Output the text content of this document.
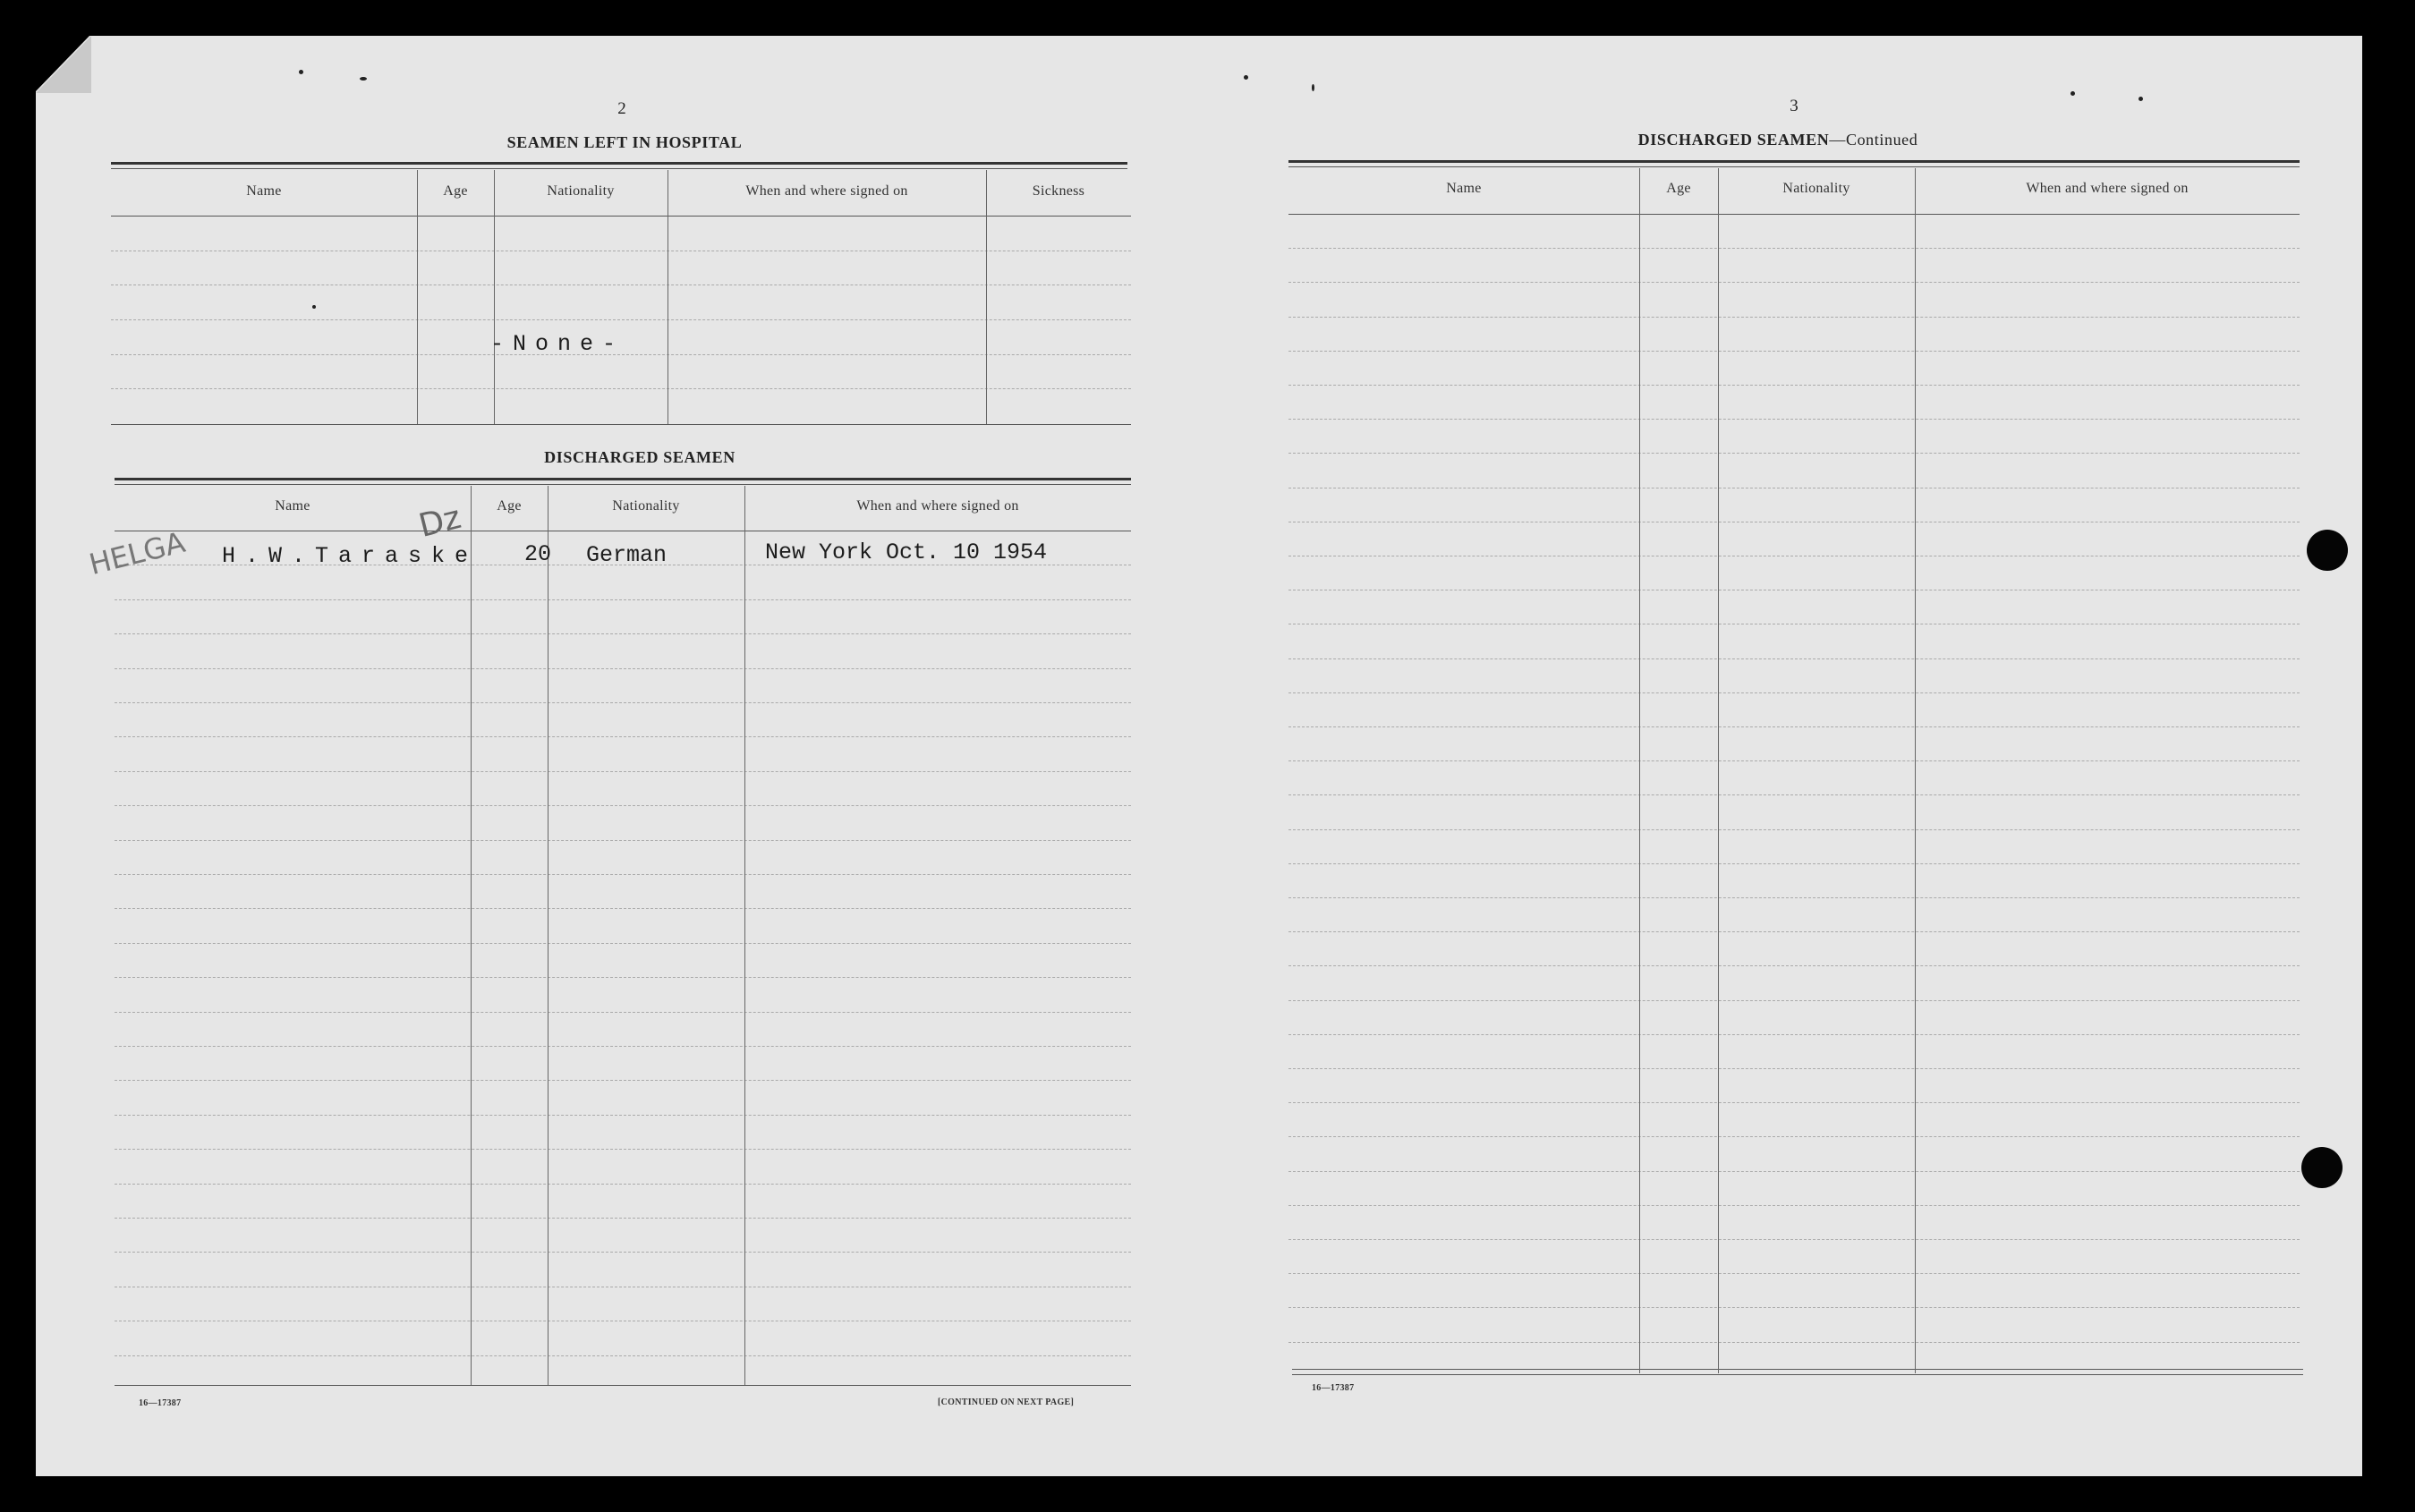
2
SEAMEN LEFT IN HOSPITAL
Name	Age	Nationality	When and where signed on	Sickness
-None-
DISCHARGED SEAMEN
Name	Age	Nationality	When and where signed on
H.W.Taraske 20 German	New York Oct. 10 1954
HELGA
Dz
16—17387	[CONTINUED ON NEXT PAGE]
3
DISCHARGED SEAMEN—Continued
Name	Age	Nationality	When and where signed on
16—17387
